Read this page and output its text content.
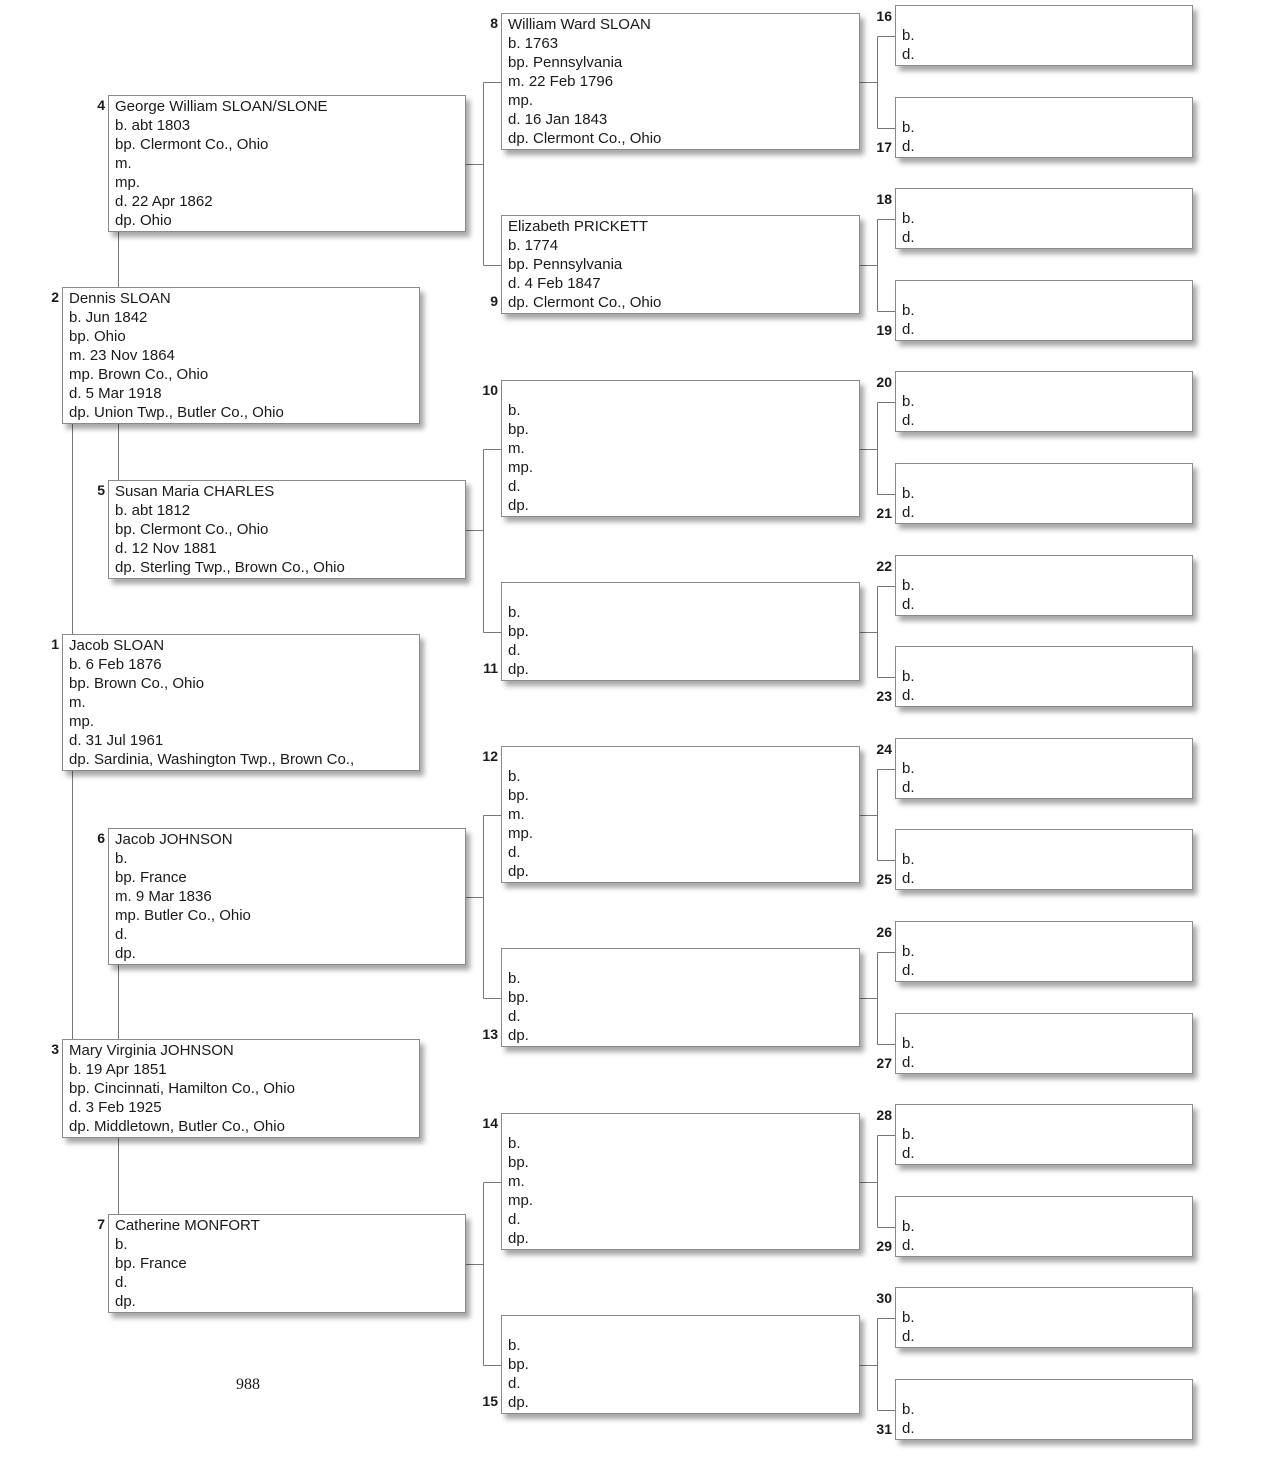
988
Jacob SLOAN
b. 6 Feb 1876
bp. Brown Co., Ohio
m.
mp.
d. 31 Jul 1961
dp. Sardinia, Washington Twp., Brown Co.,
1
Dennis SLOAN
b. Jun 1842
bp. Ohio
m. 23 Nov 1864
mp. Brown Co., Ohio
d. 5 Mar 1918
dp. Union Twp., Butler Co., Ohio
2
Mary Virginia JOHNSON
b. 19 Apr 1851
bp. Cincinnati, Hamilton Co., Ohio
d. 3 Feb 1925
dp. Middletown, Butler Co., Ohio
3
George William SLOAN/SLONE
b. abt 1803
bp. Clermont Co., Ohio
m.
mp.
d. 22 Apr 1862
dp. Ohio
4
Susan Maria CHARLES
b. abt 1812
bp. Clermont Co., Ohio
d. 12 Nov 1881
dp. Sterling Twp., Brown Co., Ohio
5
Jacob JOHNSON
b.
bp. France
m. 9 Mar 1836
mp. Butler Co., Ohio
d.
dp.
6
Catherine MONFORT
b.
bp. France
d.
dp.
7
William Ward SLOAN
b. 1763
bp. Pennsylvania
m. 22 Feb 1796
mp.
d. 16 Jan 1843
dp. Clermont Co., Ohio
8
Elizabeth PRICKETT
b. 1774
bp. Pennsylvania
d. 4 Feb 1847
dp. Clermont Co., Ohio
9
b.
bp.
m.
mp.
d.
dp.
10
b.
bp.
d.
dp.
11
b.
bp.
m.
mp.
d.
dp.
12
b.
bp.
d.
dp.
13
b.
bp.
m.
mp.
d.
dp.
14
b.
bp.
d.
dp.
15
b.
d.
16
b.
d.
17
b.
d.
18
b.
d.
19
b.
d.
20
b.
d.
21
b.
d.
22
b.
d.
23
b.
d.
24
b.
d.
25
b.
d.
26
b.
d.
27
b.
d.
28
b.
d.
29
b.
d.
30
b.
d.
31
